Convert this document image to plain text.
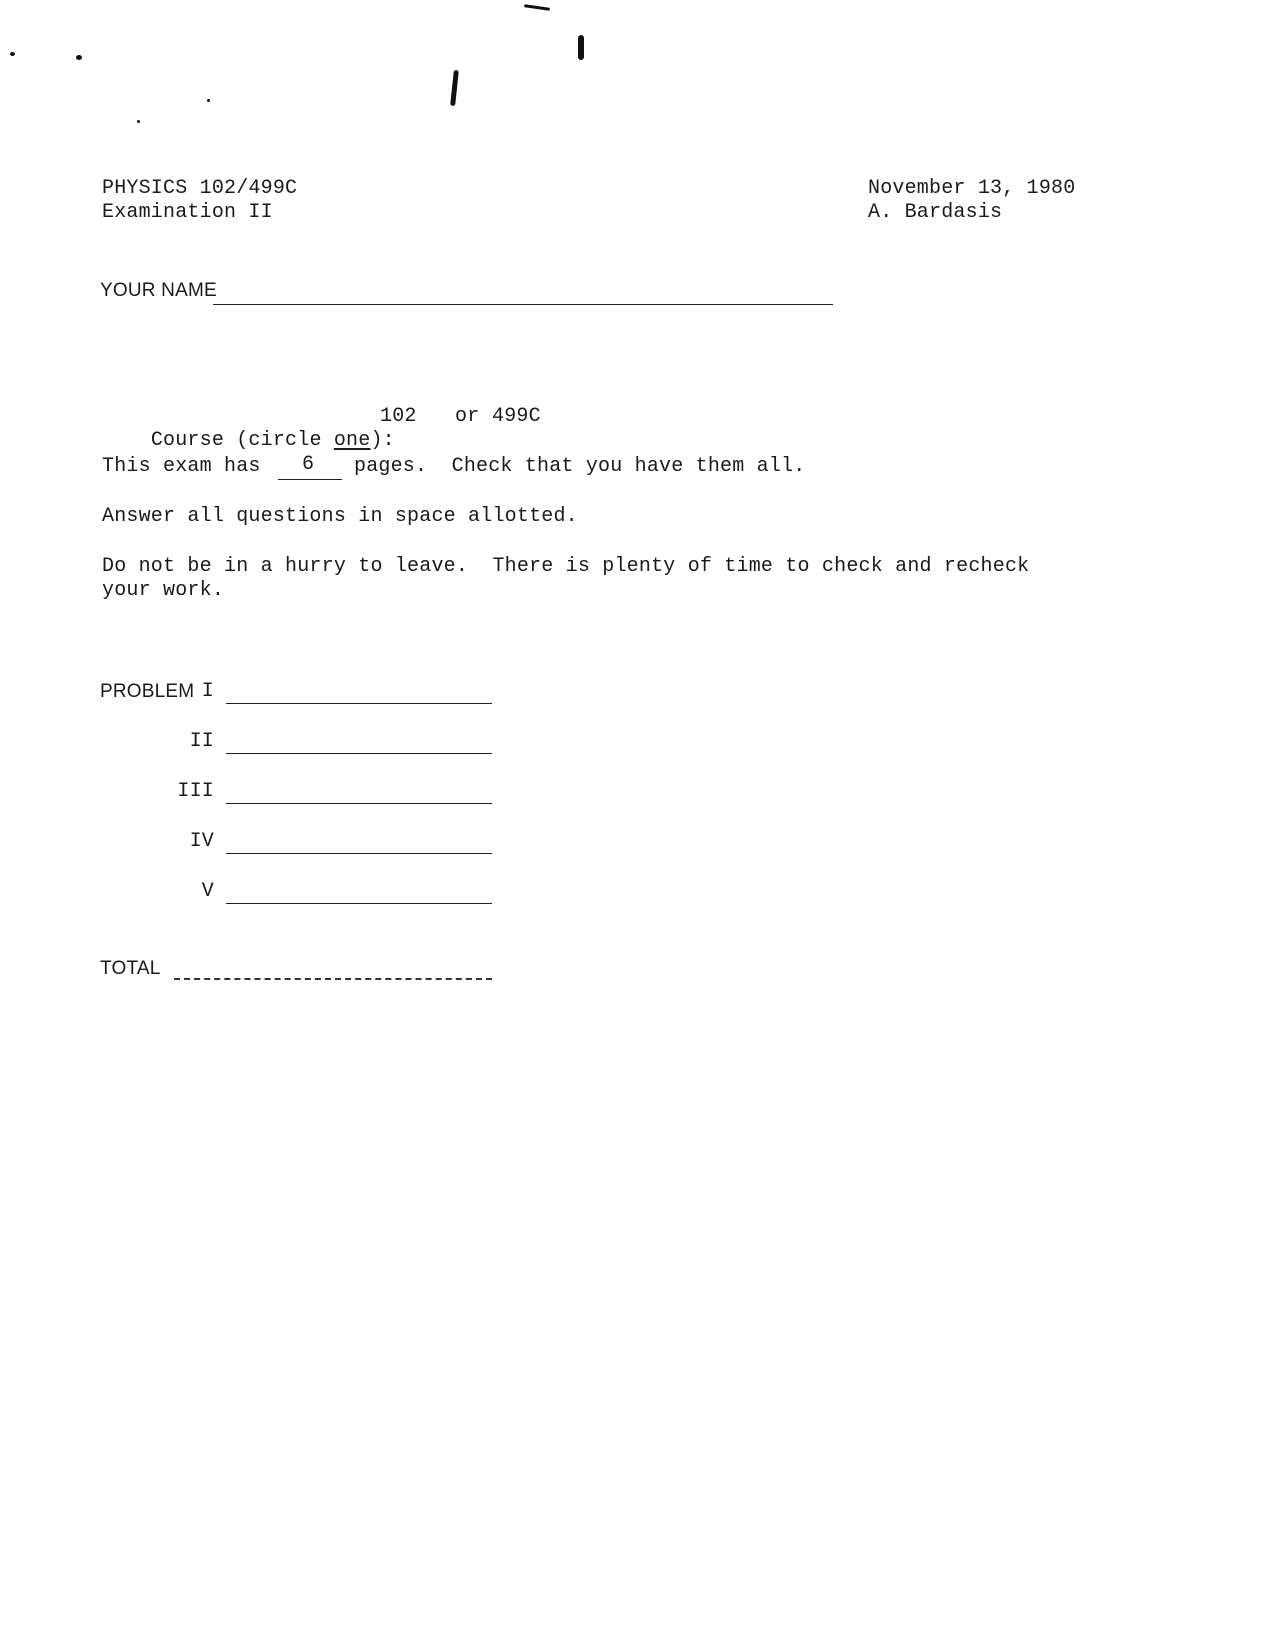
PHYSICS 102/499C
Examination II
November 13, 1980
A. Bardasis
YOUR NAME

Course (circle one):

102 or 499C
This exam has 6 pages.  Check that you have them all.
Answer all questions in space allotted.
Do not be in a hurry to leave.  There is plenty of time to check and recheck
your work.
PROBLEM I
II
III
IV
V
TOTAL
